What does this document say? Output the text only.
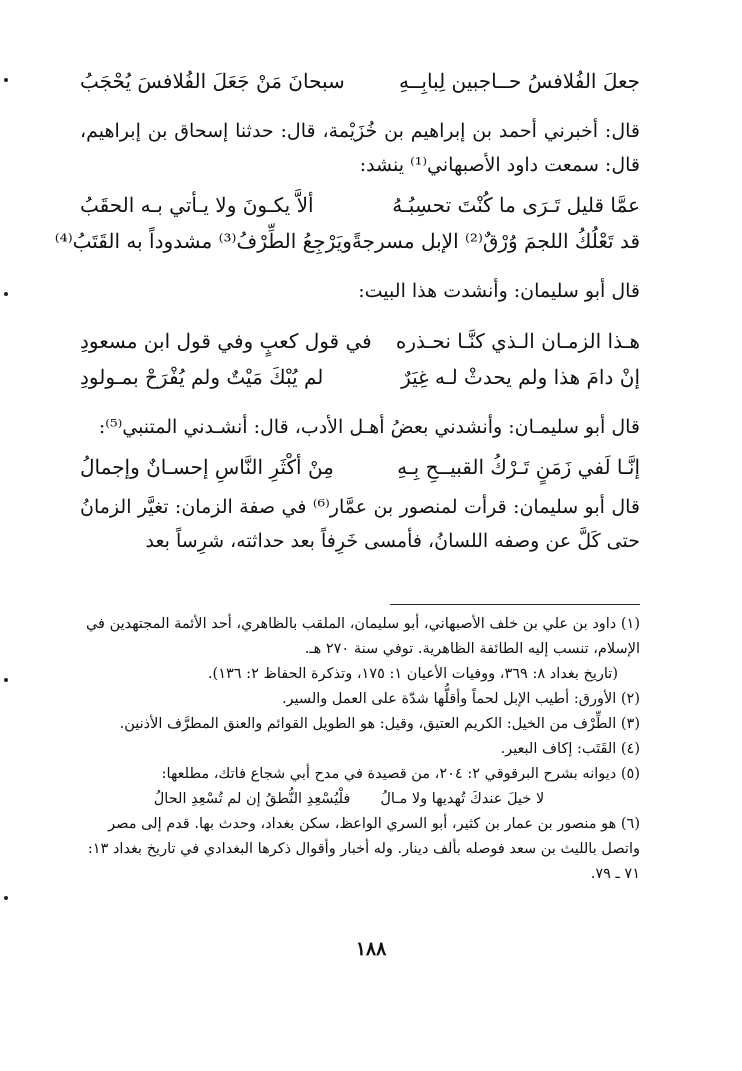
جعلَ الفُلافسُ حــاجبين لِبابِــهِ
سبحانَ مَنْ جَعَلَ الفُلافسَ يُحْجَبُ

قال: أخبرني أحمد بن إبراهيم بن خُزَيْمة، قال: حدثنا إسحاق بن إبراهيم، قال: سمعت داود الأصبهاني⁽¹⁾ ينشد:

عمَّا قليل تَـرَى ما كُنْتَ تحسِبُـهُ
ألاَّ يكـونَ ولا يـأتي بـه الحقَبُ
قد تَعْلُكُ اللجمَ وُرْقٌ⁽²⁾ الإبل مسرجةً
ويَرْجِعُ الطِّرْفُ⁽³⁾ مشدوداً به القَتَبُ⁽⁴⁾

قال أبو سليمان: وأنشدت هذا البيت:

هـذا الزمـان الـذي كنَّـا نحـذره
في قول كعبٍ وفي قول ابن مسعودِ
إنْ دامَ هذا ولم يحدثْ لـه غِيَرٌ
لم يُبْكَ مَيْتٌ ولم يُفْرَحْ بمـولودِ

قال أبو سليمـان: وأنشدني بعضُ أهـل الأدب، قال: أنشـدني المتنبي⁽⁵⁾:

إنَّـا لَفي زَمَنٍ تَـرْكُ القبيــحِ بِـهِ
مِنْ أكْثَرِ النَّاسِ إحسـانٌ وإجمالُ

قال أبو سليمان: قرأت لمنصور بن عمَّار⁽⁶⁾ في صفة الزمان: تغيَّر الزمانُ حتى كَلَّ عن وصفه اللسانُ، فأمسى خَرِفاً بعد حداثته، شرِساً بعد

(١) داود بن علي بن خلف الأصبهاني، أبو سليمان، الملقب بالظاهري، أحد الأئمة المجتهدين في الإسلام، تنسب إليه الطائفة الظاهرية. توفي سنة ٢٧٠ هـ.

(تاريخ بغداد ٨: ٣٦٩، ووفيات الأعيان ١: ١٧٥، وتذكرة الحفاظ ٢: ١٣٦).

(٢) الأورق: أطيب الإبل لحماً وأقلُّها شدّة على العمل والسير.

(٣) الطِّرْف من الخيل: الكريم العتيق، وقيل: هو الطويل القوائم والعنق المطرَّف الأذنين.

(٤) القَتَب: إكاف البعير.

(٥) ديوانه بشرح البرقوقي ٢: ٢٠٤، من قصيدة في مدح أبي شجاع فاتك، مطلعها:

لا خيلَ عندكَ تُهديها ولا مـالُ
فلْيُسْعِدِ النُّطقُ إن لم تُسْعِدِ الحالُ

(٦) هو منصور بن عمار بن كثير، أبو السري الواعظ، سكن بغداد، وحدث بها. قدم إلى مصر واتصل بالليث بن سعد فوصله بألف دينار. وله أخبار وأقوال ذكرها البغدادي في تاريخ بغداد ١٣: ٧١ ـ ٧٩.

١٨٨
